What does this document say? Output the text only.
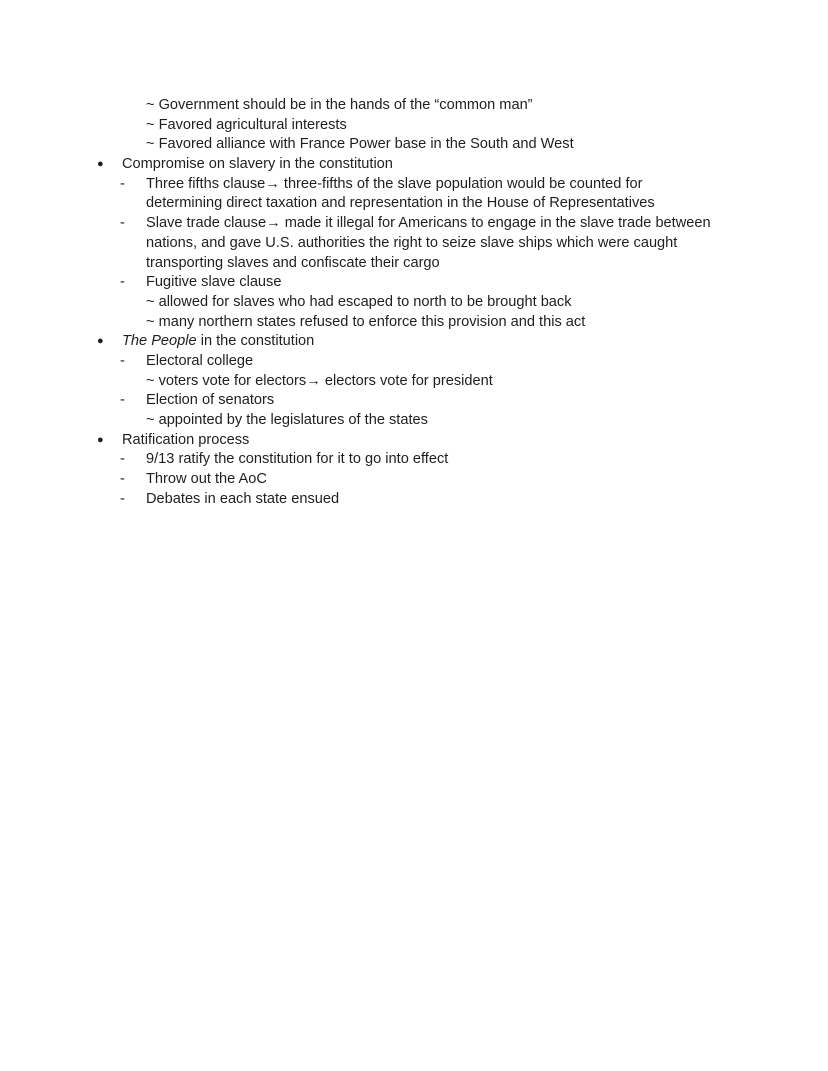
~ Government should be in the hands of the “common man”
~ Favored agricultural interests
~ Favored alliance with France Power base in the South and West
● Compromise on slavery in the constitution
- Three fifths clause→ three-fifths of the slave population would be counted for
determining direct taxation and representation in the House of Representatives
- Slave trade clause→ made it illegal for Americans to engage in the slave trade between
nations, and gave U.S. authorities the right to seize slave ships which were caught
transporting slaves and confiscate their cargo
- Fugitive slave clause
~ allowed for slaves who had escaped to north to be brought back
~ many northern states refused to enforce this provision and this act
● The People in the constitution
- Electoral college
~ voters vote for electors→ electors vote for president
- Election of senators
~ appointed by the legislatures of the states
● Ratification process
- 9/13 ratify the constitution for it to go into effect
- Throw out the AoC
- Debates in each state ensued
